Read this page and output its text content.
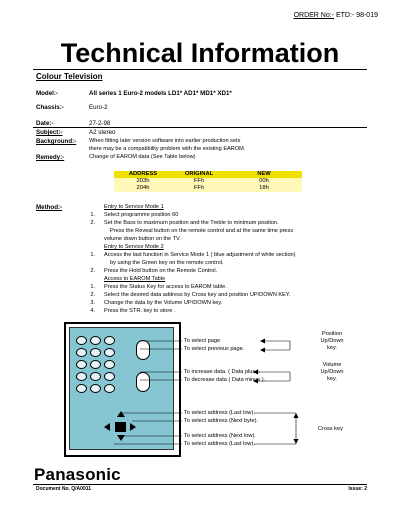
ORDER No:- ETD:- 98-019
Technical Information
Colour Television
Model:-	All series 1 Euro-2 models LD1* AD1* MD1* XD1*
Chassis:-	Euro-2
Date:-	27-2-98
Subject:-	A2 stereo
Background:- When fitting later version software into earlier production sets
there may be a compatibility problem with the existing EAROM.
Remedy:-	Change of EAROM data (See Table below)
ADDRESS	ORIGINAL	NEW
203h	FFh	00h
204h	FFh	18h
Method:-	Entry to Service Mode 1
1. Select programme position 60
2. Set the Bass to maximum position and the Treble to minimum position.
Press the Reveal button on the remote control and at the same time press
volume down button on the TV.
Entry to Service Mode 2
1. Access the last function in Service Mode 1 ( blue adjustment of white section)
by using the Green key on the remote control.
2. Press the Hold button on the Remote Control.
Access to EAROM Table
1. Press the Status Key for access to EAROM table.
2. Select the desired data address by Cross key and position UP/DOWN KEY.
3. Change the data by the Volume UP/DOWN key.
4. Press the STR. key to store .
To select page
To select previous page.
To increase data. ( Data plus ).
To decrease data ( Data minus ).
To select address (Last low).
To select address (Next byte).
To select address (Next low).
To select address (Last low).
Position
Up/Down
key.
Volume
Up/Down
key.
Cross key
Panasonic
Document No. Q/A0011	Issue: 2
